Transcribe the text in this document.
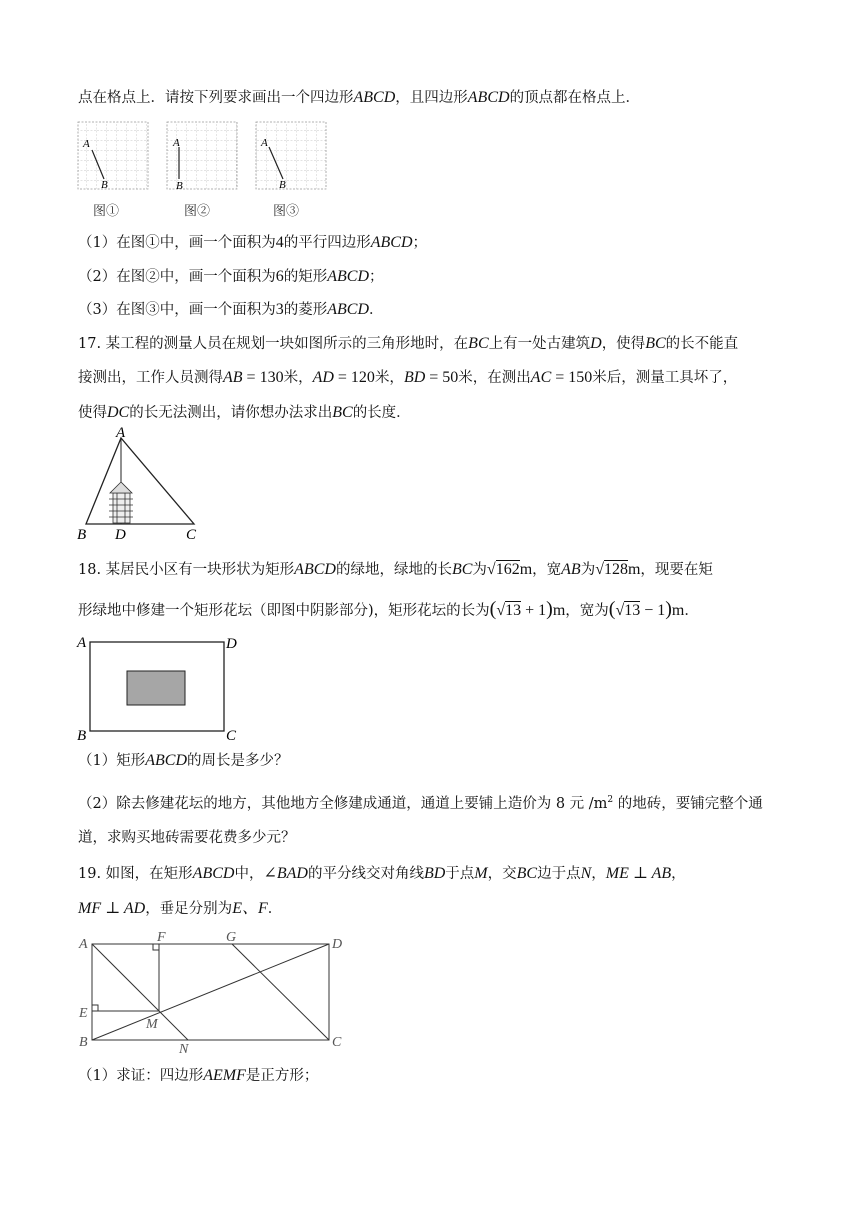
点在格点上．请按下列要求画出一个四边形ABCD，且四边形ABCD的顶点都在格点上．
A
B
A
B
A
B
图①	图②	图③
（1）在图①中，画一个面积为4的平行四边形ABCD；
（2）在图②中，画一个面积为6的矩形ABCD；
（3）在图③中，画一个面积为3的菱形ABCD．
17. 某工程的测量人员在规划一块如图所示的三角形地时，在BC上有一处古建筑D，使得BC的长不能直
接测出，工作人员测得AB = 130米，AD = 120米，BD = 50米，在测出AC = 150米后，测量工具坏了，
使得DC的长无法测出，请你想办法求出BC的长度．
A
B D	C
18. 某居民小区有一块形状为矩形ABCD的绿地，绿地的长BC为√162m，宽AB为√128m，现要在矩
形绿地中修建一个矩形花坛（即图中阴影部分)，矩形花坛的长为(√13 + 1)m，宽为(√13 − 1)m．
A	D
B	C
（1）矩形ABCD的周长是多少？
（2）除去修建花坛的地方，其他地方全修建成通道，通道上要铺上造价为 8 元 $/m^2$ 的地砖，要铺完整个通
道，求购买地砖需要花费多少元？
19. 如图，在矩形ABCD中，∠BAD的平分线交对角线BD于点M，交BC边于点N，ME ⊥ AB，
MF ⊥ AD，垂足分别为E、F．
A	F	G	D
E
M
B	N	C
（1）求证：四边形AEMF是正方形；
